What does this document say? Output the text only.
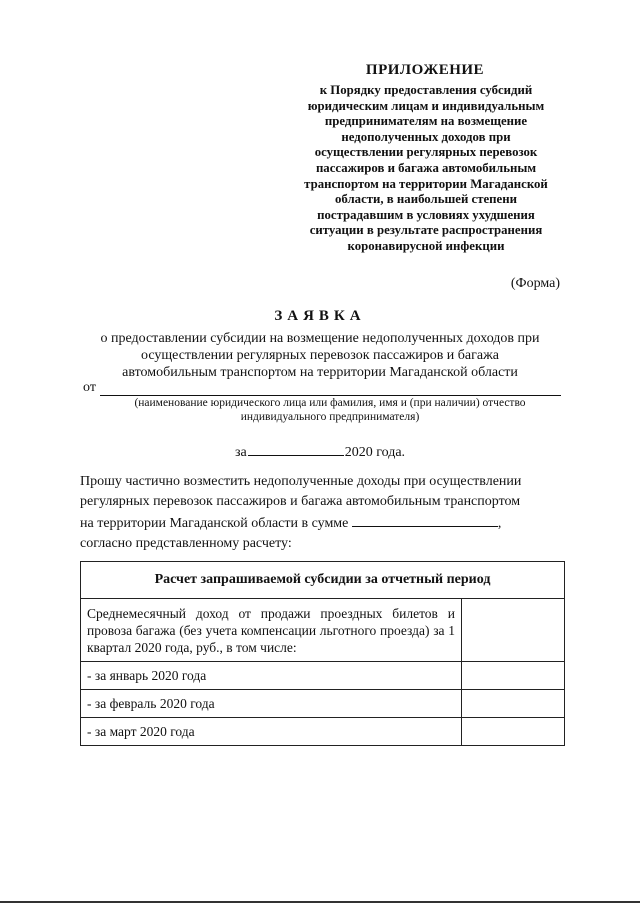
ПРИЛОЖЕНИЕ
к Порядку предоставления субсидий
юридическим лицам и индивидуальным
предпринимателям на возмещение
недополученных доходов при
осуществлении регулярных перевозок
пассажиров и багажа автомобильным
транспортом на территории Магаданской
области, в наибольшей степени
пострадавшим в условиях ухудшения
ситуации в результате распространения
коронавирусной инфекции
(Форма)
ЗАЯВКА
о предоставлении субсидии на возмещение недополученных доходов при
осуществлении регулярных перевозок пассажиров и багажа
автомобильным транспортом на территории Магаданской области
от
(наименование юридического лица или фамилия, имя и (при наличии) отчество
индивидуального предпринимателя)
за	2020 года.
Прошу частично возместить недополученные доходы при осуществлении
регулярных перевозок пассажиров и багажа автомобильным транспортом
на территории Магаданской области в сумме	,
согласно представленному расчету:
Расчет запрашиваемой субсидии за отчетный период	
Среднемесячный доход от продажи проездных билетов и провоза багажа (без учета компенсации льготного проезда) за 1 квартал 2020 года, руб., в том числе:	
- за январь 2020 года	
- за февраль 2020 года	
- за март 2020 года	
